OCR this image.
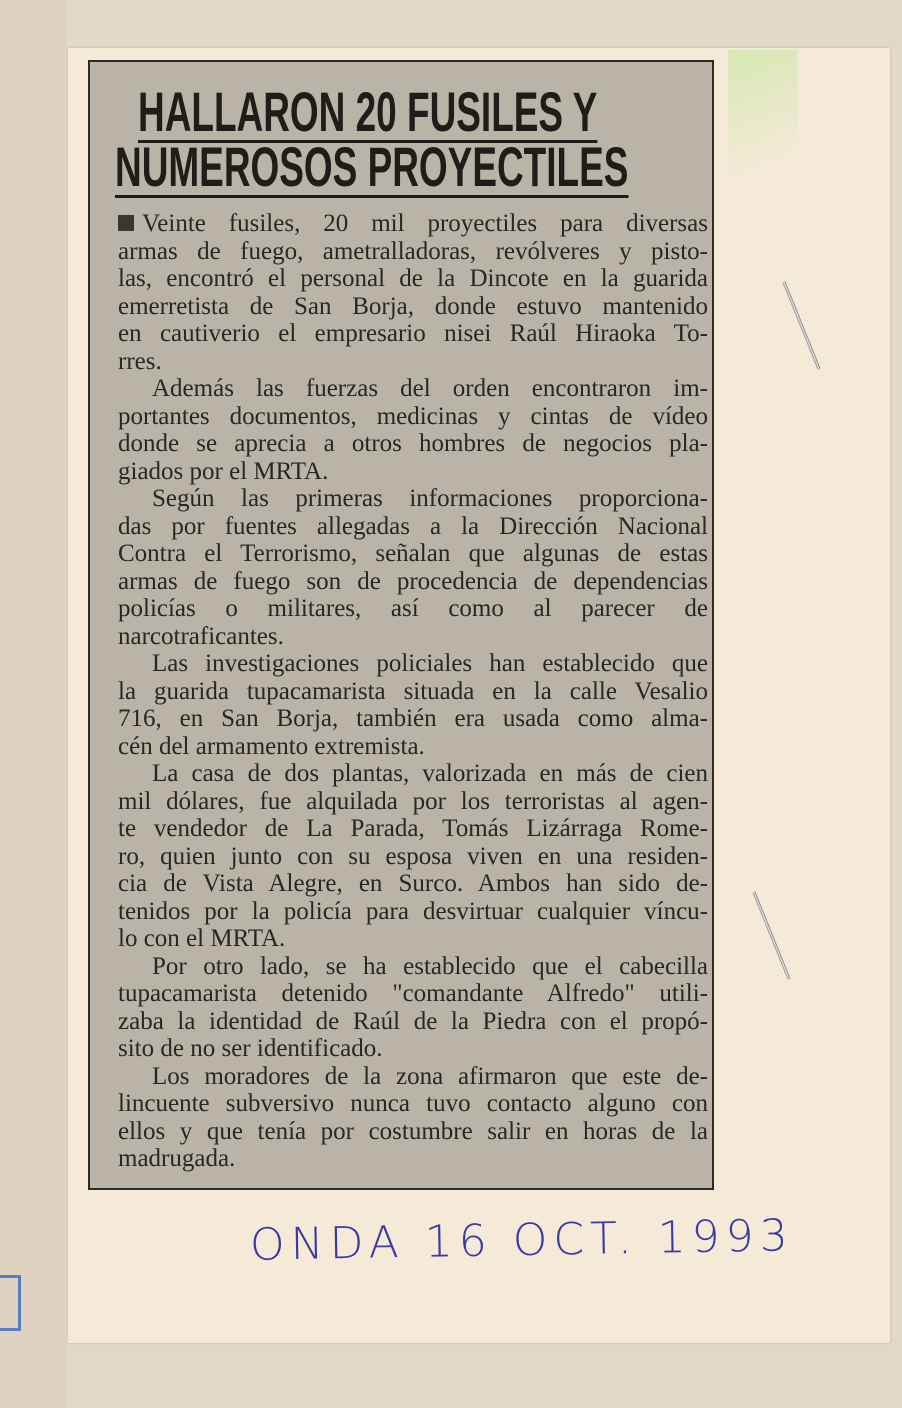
HALLARON 20 FUSILES Y
NUMEROSOS PROYECTILES
Veinte fusiles, 20 mil proyectiles para diversas
armas de fuego, ametralladoras, revólveres y pisto-
las, encontró el personal de la Dincote en la guarida
emerretista de San Borja, donde estuvo mantenido
en cautiverio el empresario nisei Raúl Hiraoka To-
rres.
Además las fuerzas del orden encontraron im-
portantes documentos, medicinas y cintas de vídeo
donde se aprecia a otros hombres de negocios pla-
giados por el MRTA.
Según las primeras informaciones proporciona-
das por fuentes allegadas a la Dirección Nacional
Contra el Terrorismo, señalan que algunas de estas
armas de fuego son de procedencia de dependencias
policías o militares, así como al parecer de
narcotraficantes.
Las investigaciones policiales han establecido que
la guarida tupacamarista situada en la calle Vesalio
716, en San Borja, también era usada como alma-
cén del armamento extremista.
La casa de dos plantas, valorizada en más de cien
mil dólares, fue alquilada por los terroristas al agen-
te vendedor de La Parada, Tomás Lizárraga Rome-
ro, quien junto con su esposa viven en una residen-
cia de Vista Alegre, en Surco. Ambos han sido de-
tenidos por la policía para desvirtuar cualquier víncu-
lo con el MRTA.
Por otro lado, se ha establecido que el cabecilla
tupacamarista detenido "comandante Alfredo" utili-
zaba la identidad de Raúl de la Piedra con el propó-
sito de no ser identificado.
Los moradores de la zona afirmaron que este de-
lincuente subversivo nunca tuvo contacto alguno con
ellos y que tenía por costumbre salir en horas de la
madrugada.
ONDA 16 OCT. 1993
